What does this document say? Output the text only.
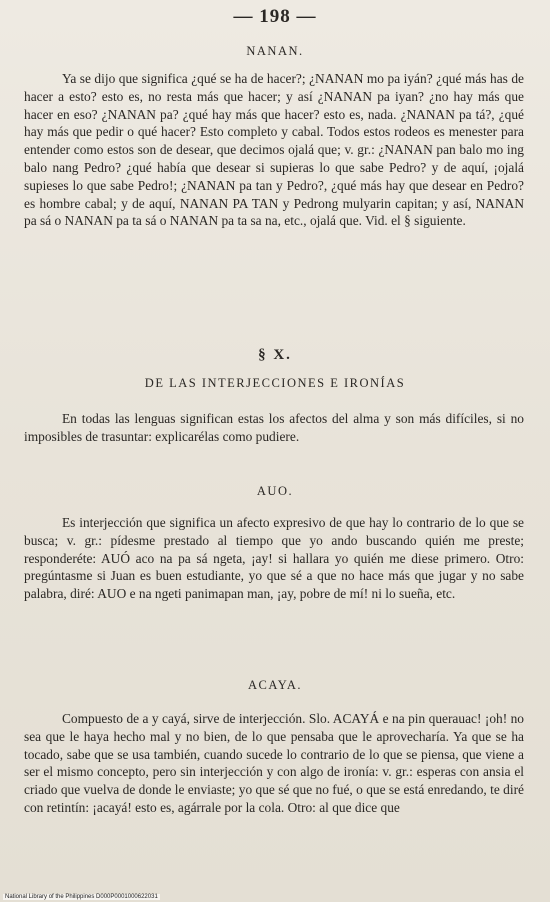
— 198 —
NANAN.

Ya se dijo que significa ¿qué se ha de hacer?; ¿NANAN mo pa iyán? ¿qué más has de hacer a esto? esto es, no resta más que hacer; y así ¿NANAN pa iyan? ¿no hay más que hacer en eso? ¿NANAN pa? ¿qué hay más que hacer? esto es, nada. ¿NANAN pa tá?, ¿qué hay más que pedir o qué hacer? Esto completo y cabal. Todos estos rodeos es menester para entender como estos son de desear, que decimos ojalá que; v. gr.: ¿NANAN pan balo mo ing balo nang Pedro? ¿qué había que desear si supieras lo que sabe Pedro? y de aquí, ¡ojalá supieses lo que sabe Pedro!; ¿NANAN pa tan y Pedro?, ¿qué más hay que desear en Pedro? es hombre cabal; y de aquí, NANAN PA TAN y Pedrong mulyarin capitan; y así, NANAN pa sá o NANAN pa ta sá o NANAN pa ta sa na, etc., ojalá que. Vid. el § siguiente.

§ X.
DE LAS INTERJECCIONES E IRONÍAS

En todas las lenguas significan estas los afectos del alma y son más difíciles, si no imposibles de trasuntar: explicarélas como pudiere.

AUO.

Es interjección que significa un afecto expresivo de que hay lo contrario de lo que se busca; v. gr.: pídesme prestado al tiempo que yo ando buscando quién me preste; responderéte: AUÓ aco na pa sá ngeta, ¡ay! si hallara yo quién me diese primero. Otro: pregúntasme si Juan es buen estudiante, yo que sé a que no hace más que jugar y no sabe palabra, diré: AUO e na ngeti panimapan man, ¡ay, pobre de mí! ni lo sueña, etc.

ACAYA.

Compuesto de a y cayá, sirve de interjección. Slo. ACAYÁ e na pin querauac! ¡oh! no sea que le haya hecho mal y no bien, de lo que pensaba que le aprovecharía. Ya que se ha tocado, sabe que se usa también, cuando sucede lo contrario de lo que se piensa, que viene a ser el mismo concepto, pero sin interjección y con algo de ironía: v. gr.: esperas con ansia el criado que vuelva de donde le enviaste; yo que sé que no fué, o que se está enredando, te diré con retintín: ¡acayá! esto es, agárrale por la cola. Otro: al que dice que

National Library of the Philippines D000P0001000622031
